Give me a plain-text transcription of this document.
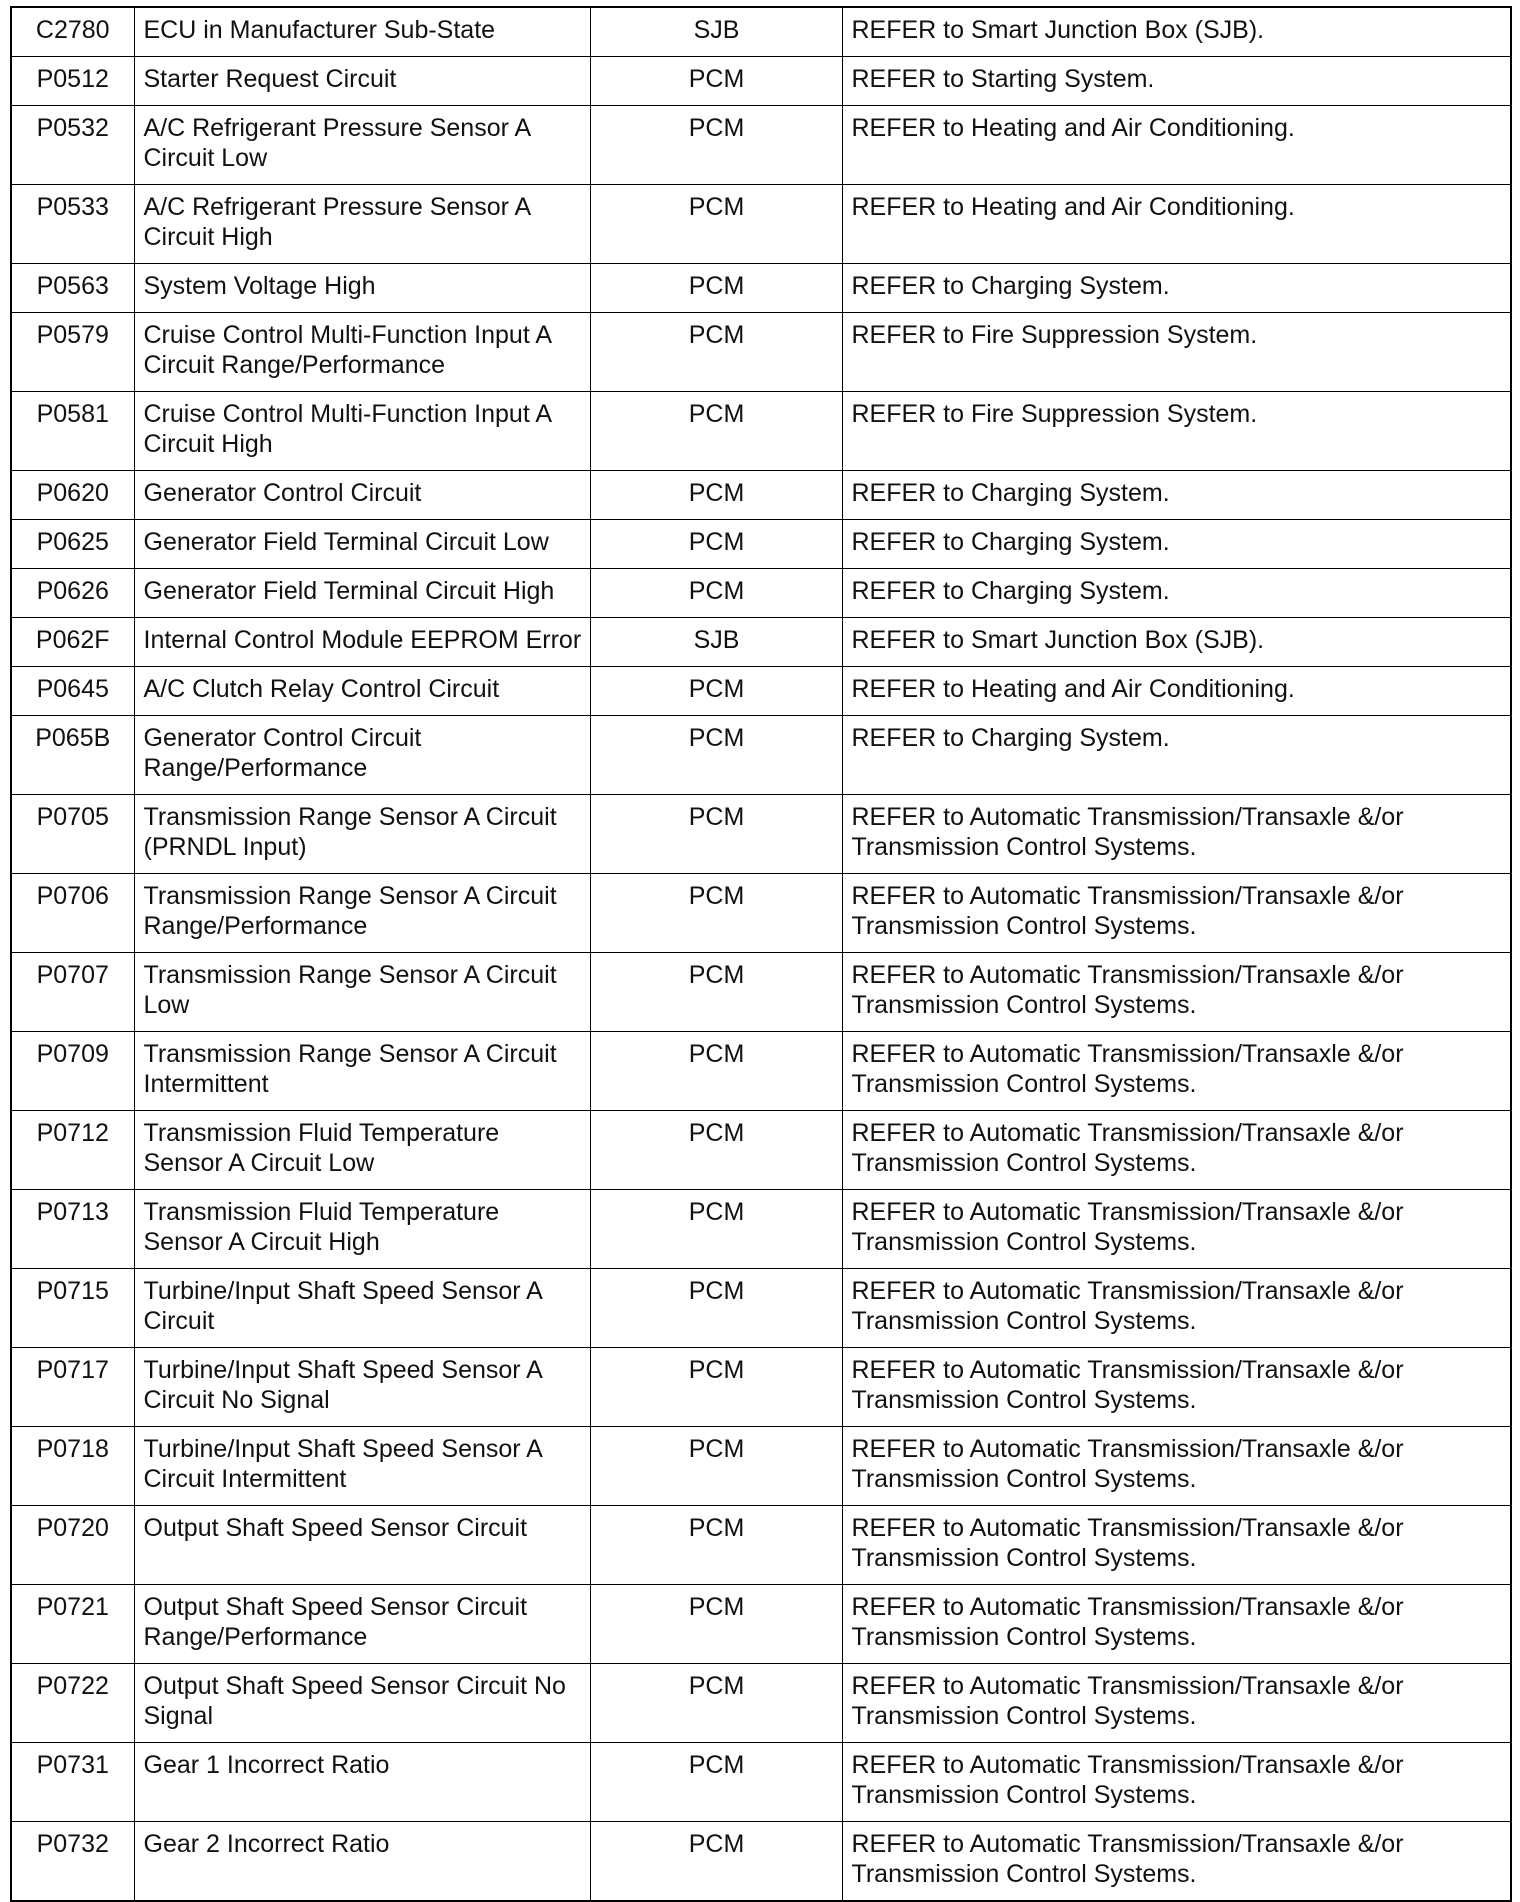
C2780	ECU in Manufacturer Sub-State	SJB	REFER to Smart Junction Box (SJB).
P0512	Starter Request Circuit	PCM	REFER to Starting System.
P0532	A/C Refrigerant Pressure Sensor A Circuit Low	PCM	REFER to Heating and Air Conditioning.
P0533	A/C Refrigerant Pressure Sensor A Circuit High	PCM	REFER to Heating and Air Conditioning.
P0563	System Voltage High	PCM	REFER to Charging System.
P0579	Cruise Control Multi-Function Input A Circuit Range/Performance	PCM	REFER to Fire Suppression System.
P0581	Cruise Control Multi-Function Input A Circuit High	PCM	REFER to Fire Suppression System.
P0620	Generator Control Circuit	PCM	REFER to Charging System.
P0625	Generator Field Terminal Circuit Low	PCM	REFER to Charging System.
P0626	Generator Field Terminal Circuit High	PCM	REFER to Charging System.
P062F	Internal Control Module EEPROM Error	SJB	REFER to Smart Junction Box (SJB).
P0645	A/C Clutch Relay Control Circuit	PCM	REFER to Heating and Air Conditioning.
P065B	Generator Control Circuit Range/Performance	PCM	REFER to Charging System.
P0705	Transmission Range Sensor A Circuit (PRNDL Input)	PCM	REFER to Automatic Transmission/Transaxle &/or Transmission Control Systems.
P0706	Transmission Range Sensor A Circuit Range/Performance	PCM	REFER to Automatic Transmission/Transaxle &/or Transmission Control Systems.
P0707	Transmission Range Sensor A Circuit Low	PCM	REFER to Automatic Transmission/Transaxle &/or Transmission Control Systems.
P0709	Transmission Range Sensor A Circuit Intermittent	PCM	REFER to Automatic Transmission/Transaxle &/or Transmission Control Systems.
P0712	Transmission Fluid Temperature Sensor A Circuit Low	PCM	REFER to Automatic Transmission/Transaxle &/or Transmission Control Systems.
P0713	Transmission Fluid Temperature Sensor A Circuit High	PCM	REFER to Automatic Transmission/Transaxle &/or Transmission Control Systems.
P0715	Turbine/Input Shaft Speed Sensor A Circuit	PCM	REFER to Automatic Transmission/Transaxle &/or Transmission Control Systems.
P0717	Turbine/Input Shaft Speed Sensor A Circuit No Signal	PCM	REFER to Automatic Transmission/Transaxle &/or Transmission Control Systems.
P0718	Turbine/Input Shaft Speed Sensor A Circuit Intermittent	PCM	REFER to Automatic Transmission/Transaxle &/or Transmission Control Systems.
P0720	Output Shaft Speed Sensor Circuit	PCM	REFER to Automatic Transmission/Transaxle &/or Transmission Control Systems.
P0721	Output Shaft Speed Sensor Circuit Range/Performance	PCM	REFER to Automatic Transmission/Transaxle &/or Transmission Control Systems.
P0722	Output Shaft Speed Sensor Circuit No Signal	PCM	REFER to Automatic Transmission/Transaxle &/or Transmission Control Systems.
P0731	Gear 1 Incorrect Ratio	PCM	REFER to Automatic Transmission/Transaxle &/or Transmission Control Systems.
P0732	Gear 2 Incorrect Ratio	PCM	REFER to Automatic Transmission/Transaxle &/or Transmission Control Systems.
